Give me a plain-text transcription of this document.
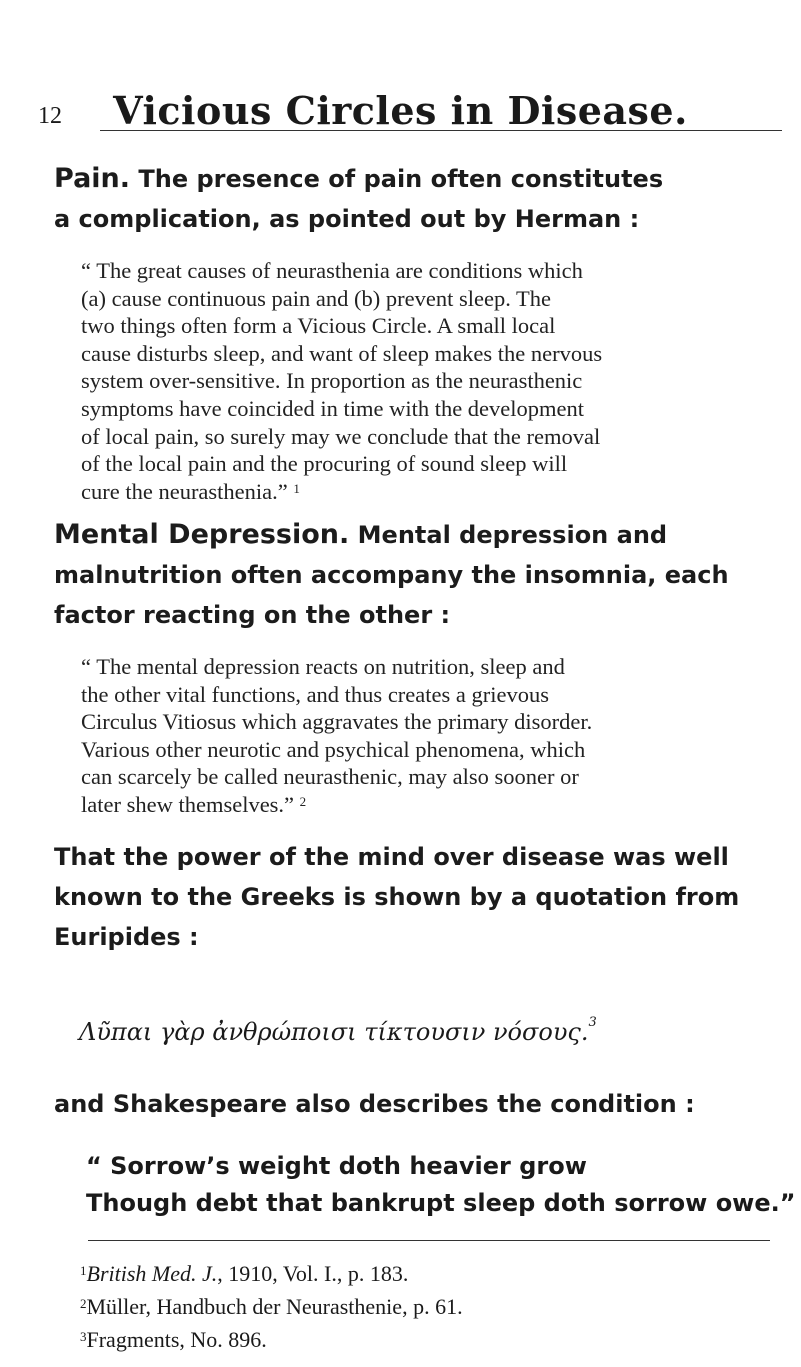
12	Vicious Circles in Disease.
Pain. The presence of pain often constitutes
a complication, as pointed out by Herman :
“ The great causes of neurasthenia are conditions which
(a) cause continuous pain and (b) prevent sleep. The
two things often form a Vicious Circle. A small local
cause disturbs sleep, and want of sleep makes the nervous
system over-sensitive. In proportion as the neurasthenic
symptoms have coincided in time with the development
of local pain, so surely may we conclude that the removal
of the local pain and the procuring of sound sleep will
cure the neurasthenia.” $^1$
Mental Depression. Mental depression and
malnutrition often accompany the insomnia, each
factor reacting on the other :
“ The mental depression reacts on nutrition, sleep and
the other vital functions, and thus creates a grievous
Circulus Vitiosus which aggravates the primary disorder.
Various other neurotic and psychical phenomena, which
can scarcely be called neurasthenic, may also sooner or
later shew themselves.” $^2$
That the power of the mind over disease was well
known to the Greeks is shown by a quotation from
Euripides :
Λῦπαι γὰρ ἀνθρώποισι τίκτουσιν νόσους.$^3$
and Shakespeare also describes the condition :
“ Sorrow’s weight doth heavier grow
Though debt that bankrupt sleep doth sorrow owe.”
$^1$British Med. J., 1910, Vol. I., p. 183.
$^2$Müller, Handbuch der Neurasthenie, p. 61.
$^3$Fragments, No. 896.
